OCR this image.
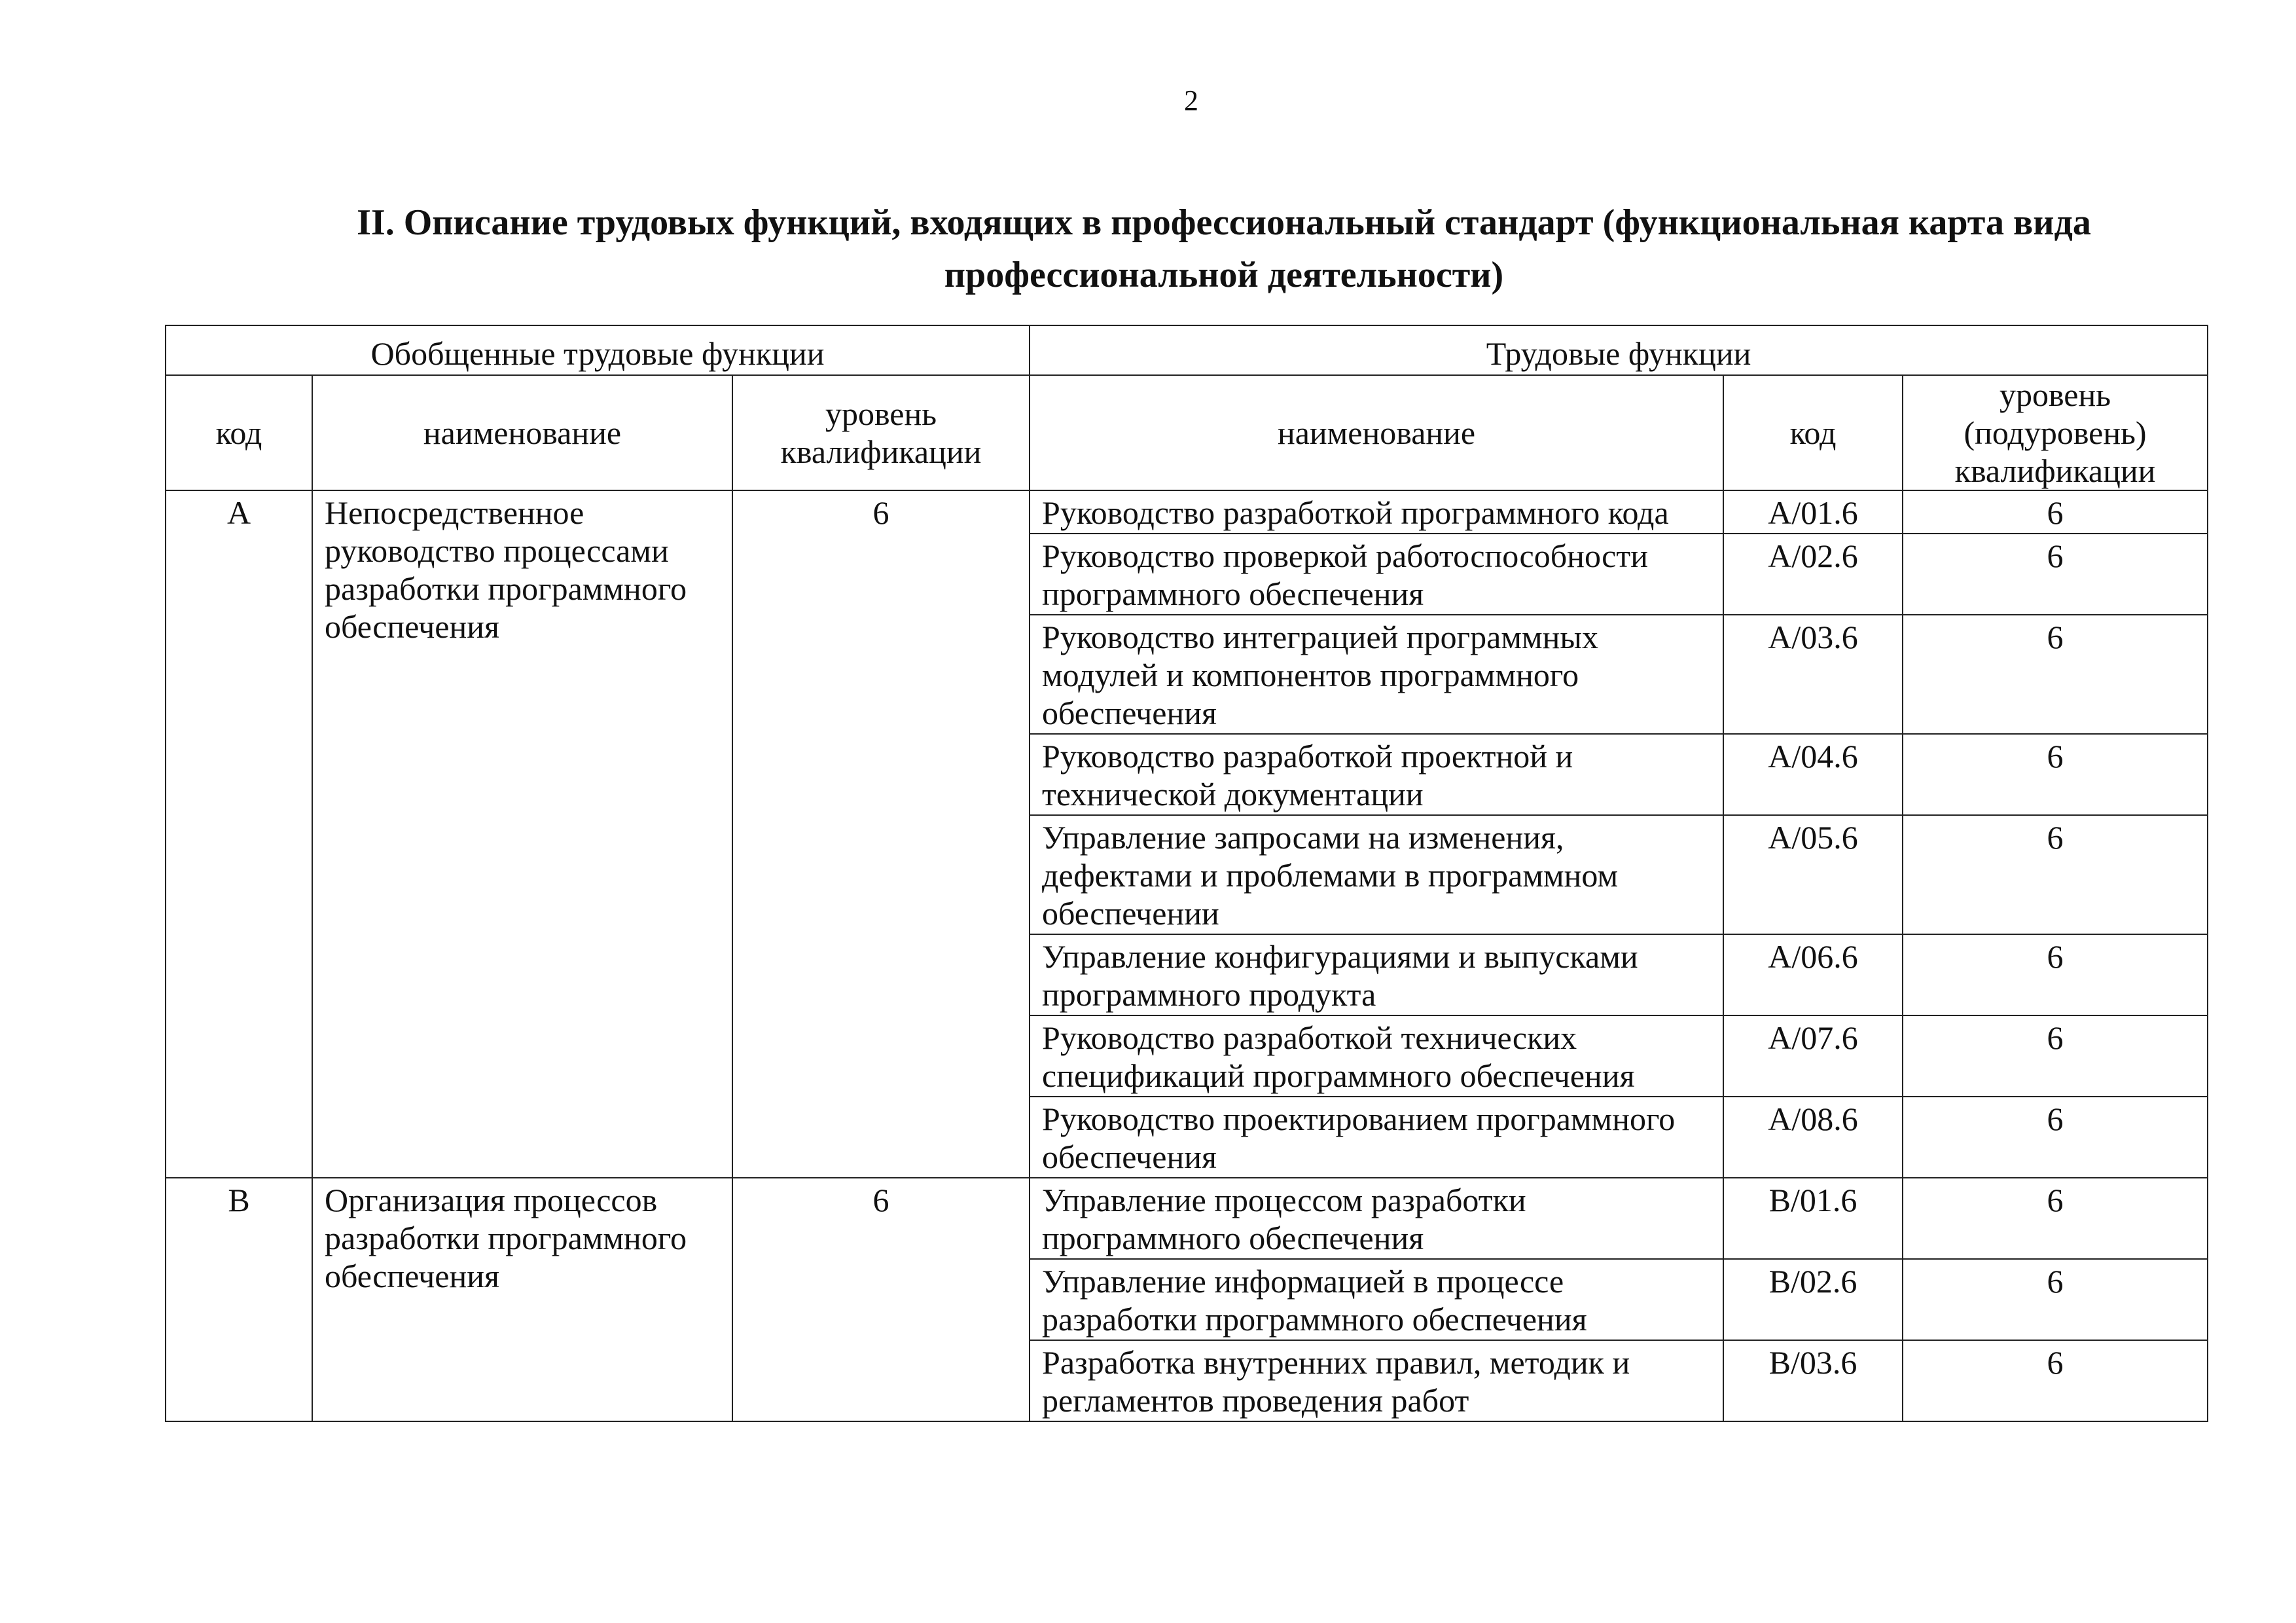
2
II. Описание трудовых функций, входящих в профессиональный стандарт (функциональная карта вида
профессиональной деятельности)
Обобщенные трудовые функции			Трудовые функции		
код	наименование	уровень квалификации	наименование	код	уровень (подуровень) квалификации
A	Непосредственное руководство процессами разработки программного обеспечения	6	Руководство разработкой программного кода	A/01.6	6
			Руководство проверкой работоспособности программного обеспечения	A/02.6	6
			Руководство интеграцией программных модулей и компонентов программного обеспечения	A/03.6	6
			Руководство разработкой проектной и технической документации	A/04.6	6
			Управление запросами на изменения, дефектами и проблемами в программном обеспечении	A/05.6	6
			Управление конфигурациями и выпусками программного продукта	A/06.6	6
			Руководство разработкой технических спецификаций программного обеспечения	A/07.6	6
			Руководство проектированием программного обеспечения	A/08.6	6
B	Организация процессов разработки программного обеспечения	6	Управление процессом разработки программного обеспечения	B/01.6	6
			Управление информацией в процессе разработки программного обеспечения	B/02.6	6
			Разработка внутренних правил, методик и регламентов проведения работ	B/03.6	6
